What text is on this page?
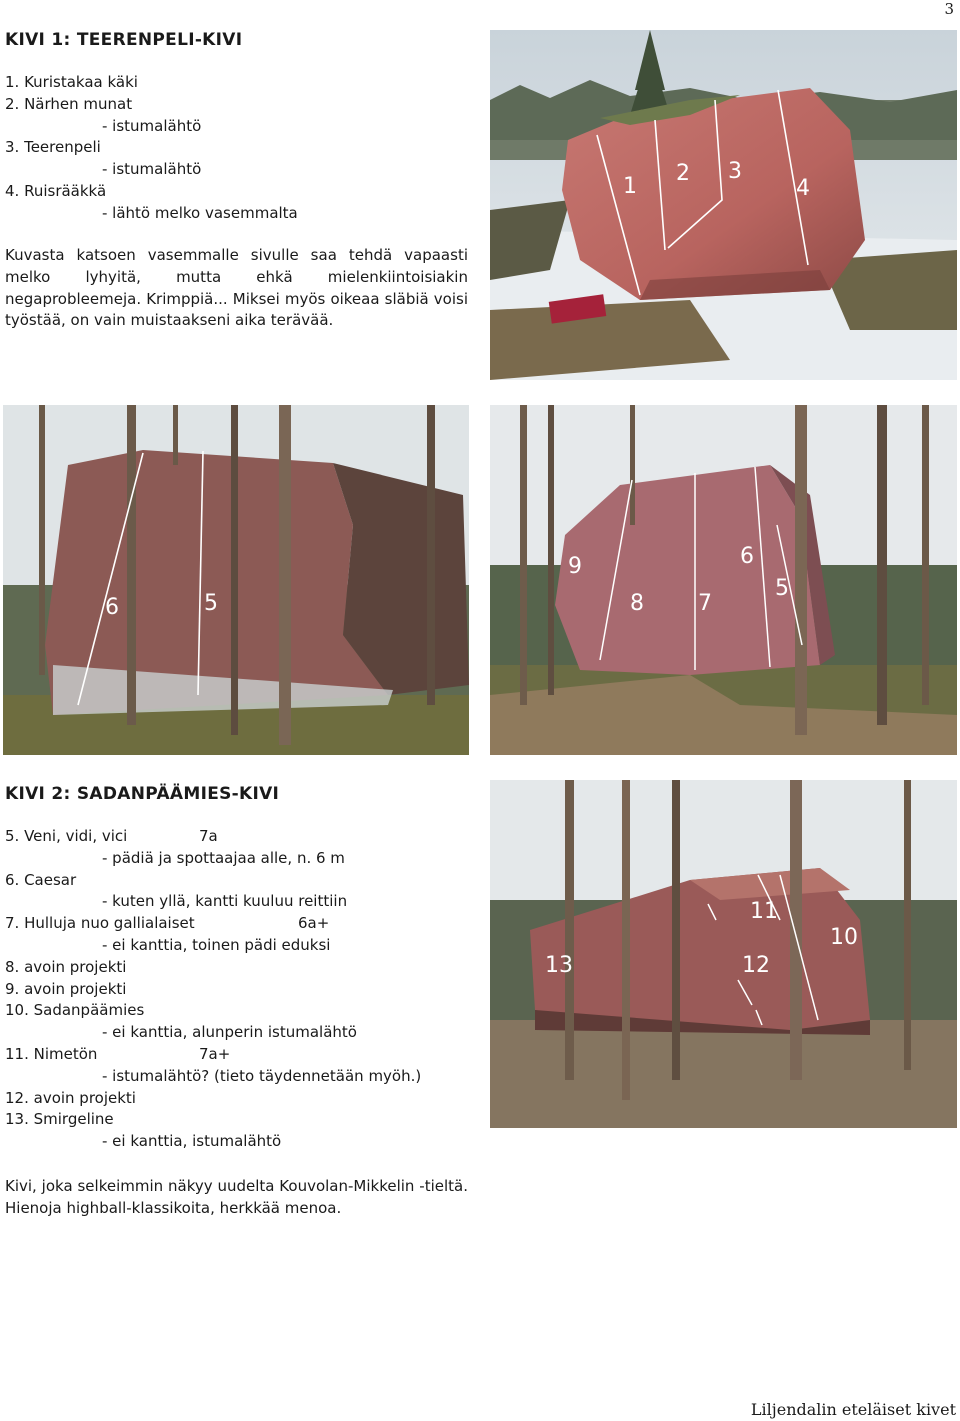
3
KIVI 1: TEERENPELI-KIVI
1. Kuristakaa käki
2. Närhen munat
- istumalähtö
3. Teerenpeli
- istumalähtö
4. Ruisrääkkä
- lähtö melko vasemmalta
Kuvasta katsoen vasemmalle sivulle saa tehdä vapaasti melko lyhyitä, mutta ehkä mielenkiintoisiakin negaprobleemeja. Krimppiä... Miksei myös oikeaa släbiä voisi työstää, on vain muistaakseni aika terävää.
1
2 3
4
6	5
9
8 7
6
5
KIVI 2: SADANPÄÄMIES-KIVI
5. Veni, vidi, vici	7a
- pädiä ja spottaajaa alle, n. 6 m
6. Caesar
- kuten yllä, kantti kuuluu reittiin
7. Hulluja nuo gallialaiset	6a+
- ei kanttia, toinen pädi eduksi
8. avoin projekti
9. avoin projekti
10. Sadanpäämies
- ei kanttia, alunperin istumalähtö
11. Nimetön	7a+
- istumalähtö? (tieto täydennetään myöh.)
12. avoin projekti
13. Smirgeline
- ei kanttia, istumalähtö
11
10
13	12
Kivi, joka selkeimmin näkyy uudelta Kouvolan-Mikkelin -tieltä. Hienoja highball-klassikoita, herkkää menoa.
Liljendalin eteläiset kivet
